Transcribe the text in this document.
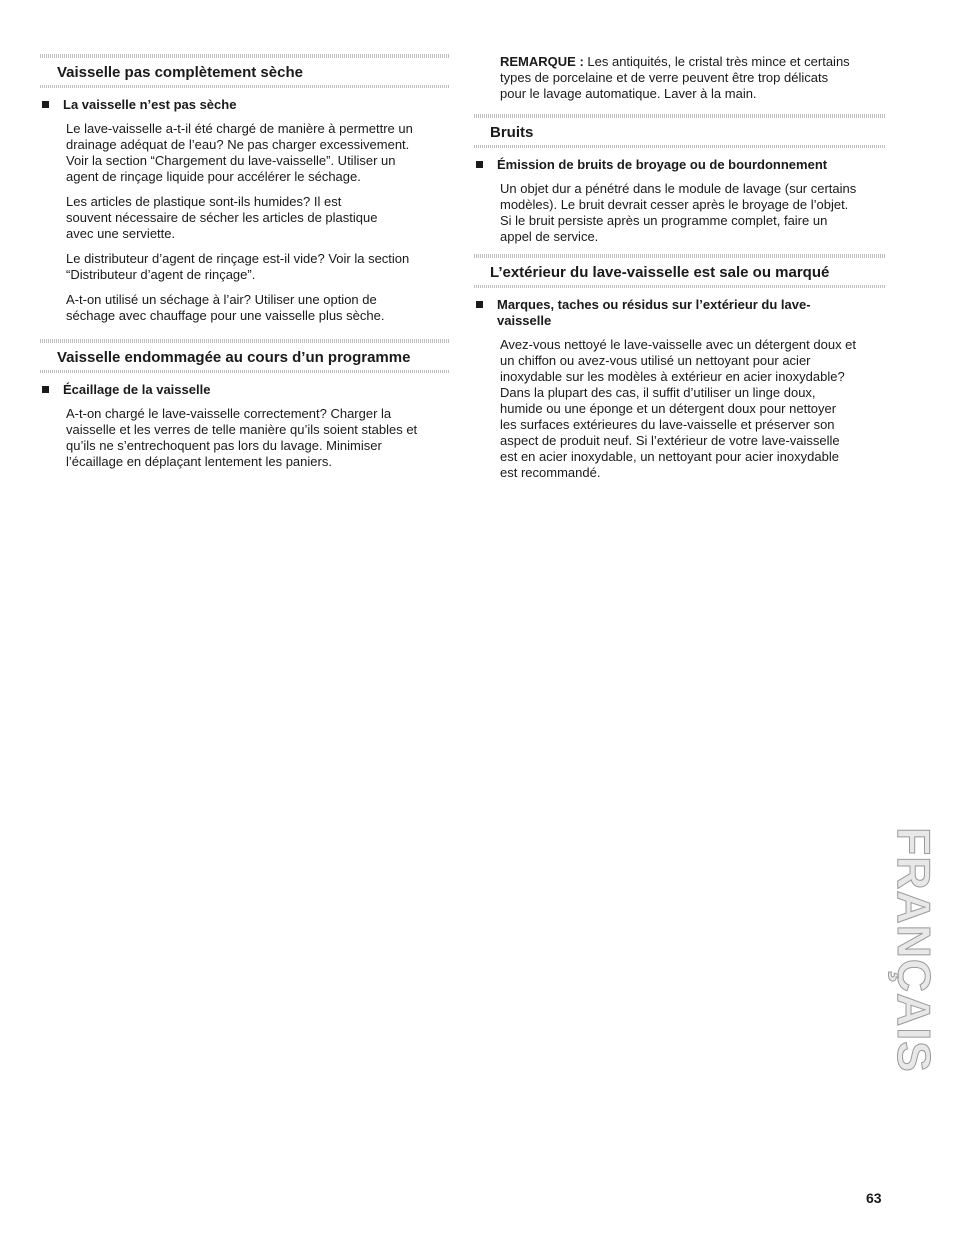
Vaisselle pas complètement sèche
La vaisselle n’est pas sèche

Le lave-vaisselle a-t-il été chargé de manière à permettre un
drainage adéquat de l’eau? Ne pas charger excessivement.
Voir la section “Chargement du lave-vaisselle”. Utiliser un
agent de rinçage liquide pour accélérer le séchage.

Les articles de plastique sont-ils humides? Il est
souvent nécessaire de sécher les articles de plastique
avec une serviette.

Le distributeur d’agent de rinçage est-il vide? Voir la section
“Distributeur d’agent de rinçage”.

A-t-on utilisé un séchage à l’air? Utiliser une option de
séchage avec chauffage pour une vaisselle plus sèche.

Vaisselle endommagée au cours d’un programme
Écaillage de la vaisselle

A-t-on chargé le lave-vaisselle correctement? Charger la
vaisselle et les verres de telle manière qu’ils soient stables et
qu’ils ne s’entrechoquent pas lors du lavage. Minimiser
l’écaillage en déplaçant lentement les paniers.

REMARQUE : Les antiquités, le cristal très mince et certains
types de porcelaine et de verre peuvent être trop délicats
pour le lavage automatique. Laver à la main.

Bruits
Émission de bruits de broyage ou de bourdonnement

Un objet dur a pénétré dans le module de lavage (sur certains
modèles). Le bruit devrait cesser après le broyage de l’objet.
Si le bruit persiste après un programme complet, faire un
appel de service.

L’extérieur du lave-vaisselle est sale ou marqué
Marques, taches ou résidus sur l’extérieur du lave-
vaisselle

Avez-vous nettoyé le lave-vaisselle avec un détergent doux et
un chiffon ou avez-vous utilisé un nettoyant pour acier
inoxydable sur les modèles à extérieur en acier inoxydable?
Dans la plupart des cas, il suffit d’utiliser un linge doux,
humide ou une éponge et un détergent doux pour nettoyer
les surfaces extérieures du lave-vaisselle et préserver son
aspect de produit neuf. Si l’extérieur de votre lave-vaisselle
est en acier inoxydable, un nettoyant pour acier inoxydable
est recommandé.

FRANÇAIS
63
